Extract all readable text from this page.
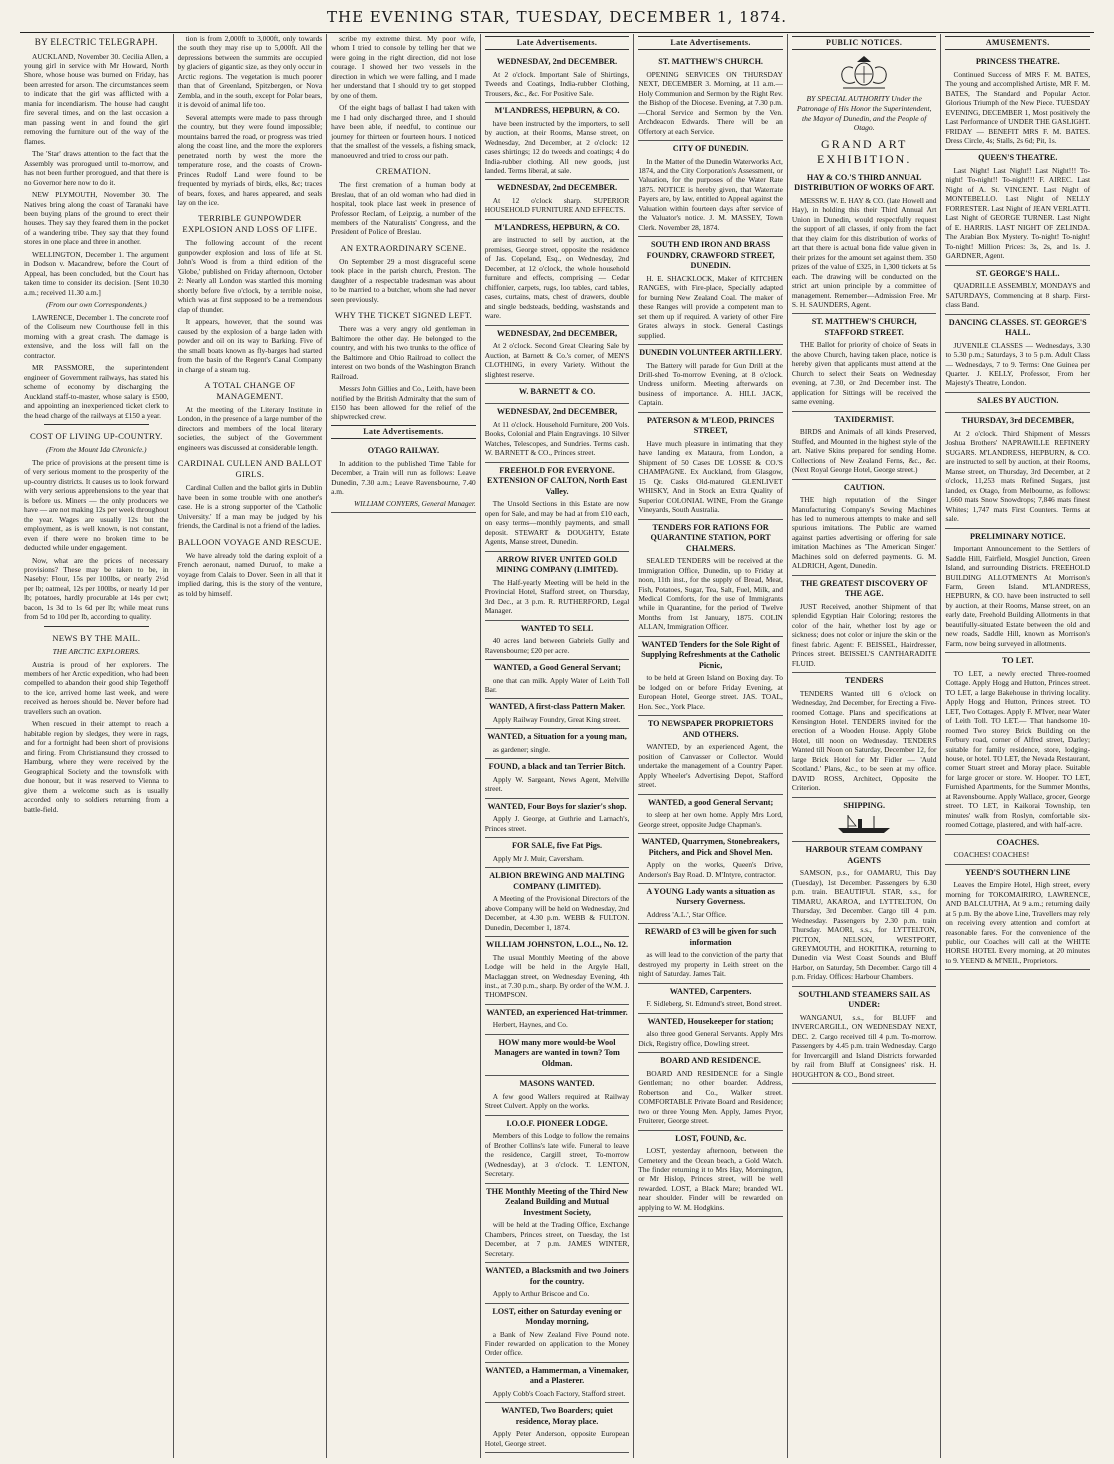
THE EVENING STAR, TUESDAY, DECEMBER 1, 1874.
BY ELECTRIC TELEGRAPH.

AUCKLAND, November 30. Cecilia Allen, a young girl in service with Mr Howard, North Shore, whose house was burned on Friday, has been arrested for arson. The circumstances seem to indicate that the girl was afflicted with a mania for incendiarism. The house had caught fire several times, and on the last occasion a man passing went in and found the girl removing the furniture out of the way of the flames.

The 'Star' draws attention to the fact that the Assembly was prorogued until to-morrow, and has not been further prorogued, and that there is no Governor here now to do it.

NEW PLYMOUTH, November 30. The Natives bring along the coast of Taranaki have been buying plans of the ground to erect their houses. They say they feared them in the pocket of a wandering tribe. They say that they found stores in one place and three in another.

WELLINGTON, December 1. The argument in Dodson v. Macandrew, before the Court of Appeal, has been concluded, but the Court has taken time to consider its decision. [Sent 10.30 a.m.; received 11.30 a.m.]

(From our own Correspondents.)

LAWRENCE, December 1. The concrete roof of the Coliseum new Courthouse fell in this morning with a great crash. The damage is extensive, and the loss will fall on the contractor.

MR PASSMORE, the superintendent engineer of Government railways, has stated his scheme of economy by discharging the Auckland staff-to-master, whose salary is £500, and appointing an inexperienced ticket clerk to the head charge of the railways at £150 a year.

COST OF LIVING UP-COUNTRY.
(From the Mount Ida Chronicle.)

The price of provisions at the present time is of very serious moment to the prosperity of the up-country districts. It causes us to look forward with very serious apprehensions to the year that is before us. Miners — the only producers we have — are not making 12s per week throughout the year. Wages are usually 12s but the employment, as is well known, is not constant, even if there were no broken time to be deducted while under engagement.

Now, what are the prices of necessary provisions? These may be taken to be, in Naseby: Flour, 15s per 100lbs, or nearly 2½d per lb; oatmeal, 12s per 100lbs, or nearly 1d per lb; potatoes, hardly procurable at 14s per cwt; bacon, 1s 3d to 1s 6d per lb; while meat runs from 5d to 10d per lb, according to quality.

NEWS BY THE MAIL.
THE ARCTIC EXPLORERS.

Austria is proud of her explorers. The members of her Arctic expedition, who had been compelled to abandon their good ship Tegethoff to the ice, arrived home last week, and were received as heroes should be. Never before had travellers such an ovation.

When rescued in their attempt to reach a habitable region by sledges, they were in rags, and for a fortnight had been short of provisions and firing. From Christiansund they crossed to Hamburg, where they were received by the Geographical Society and the townsfolk with due honour, but it was reserved to Vienna to give them a welcome such as is usually accorded only to soldiers returning from a battle-field.

tion is from 2,000ft to 3,000ft, only towards the south they may rise up to 5,000ft. All the depressions between the summits are occupied by glaciers of gigantic size, as they only occur in Arctic regions. The vegetation is much poorer than that of Greenland, Spitzbergen, or Nova Zembla, and in the south, except for Polar bears, it is devoid of animal life too.

Several attempts were made to pass through the country, but they were found impossible; mountains barred the road, or progress was tried along the coast line, and the more the explorers penetrated north by west the more the temperature rose, and the coasts of Crown-Princes Rudolf Land were found to be frequented by myriads of birds, elks, &c; traces of bears, foxes, and hares appeared, and seals lay on the ice.

TERRIBLE GUNPOWDER EXPLOSION AND LOSS OF LIFE.

The following account of the recent gunpowder explosion and loss of life at St. John's Wood is from a third edition of the 'Globe,' published on Friday afternoon, October 2: Nearly all London was startled this morning shortly before five o'clock, by a terrible noise, which was at first supposed to be a tremendous clap of thunder.

It appears, however, that the sound was caused by the explosion of a barge laden with powder and oil on its way to Barking. Five of the small boats known as fly-barges had started from the basin of the Regent's Canal Company in charge of a steam tug.

A TOTAL CHANGE OF MANAGEMENT.

At the meeting of the Literary Institute in London, in the presence of a large number of the directors and members of the local literary societies, the subject of the Government engineers was discussed at considerable length.

CARDINAL CULLEN AND BALLOT GIRLS.

Cardinal Cullen and the ballot girls in Dublin have been in some trouble with one another's case. He is a strong supporter of the 'Catholic University.' If a man may be judged by his friends, the Cardinal is not a friend of the ladies.

BALLOON VOYAGE AND RESCUE.

We have already told the daring exploit of a French aeronaut, named Duruof, to make a voyage from Calais to Dover. Seen in all that it implied daring, this is the story of the venture, as told by himself.

scribe my extreme thirst. My poor wife, whom I tried to console by telling her that we were going in the right direction, did not lose courage. I showed her two vessels in the direction in which we were falling, and I made her understand that I should try to get stopped by one of them.

Of the eight bags of ballast I had taken with me I had only discharged three, and I should have been able, if needful, to continue our journey for thirteen or fourteen hours. I noticed that the smallest of the vessels, a fishing smack, manoeuvred and tried to cross our path.

CREMATION.

The first cremation of a human body at Breslau, that of an old woman who had died in hospital, took place last week in presence of Professor Reclam, of Leipzig, a number of the members of the Naturalists' Congress, and the President of Police of Breslau.

AN EXTRAORDINARY SCENE.

On September 29 a most disgraceful scene took place in the parish church, Preston. The daughter of a respectable tradesman was about to be married to a butcher, whom she had never seen previously.

WHY THE TICKET SIGNED LEFT.

There was a very angry old gentleman in Baltimore the other day. He belonged to the country, and with his two trunks to the office of the Baltimore and Ohio Railroad to collect the interest on two bonds of the Washington Branch Railroad.

Messrs John Gillies and Co., Leith, have been notified by the British Admiralty that the sum of £150 has been allowed for the relief of the shipwrecked crew.

Late Advertisements.
OTAGO RAILWAY.

In addition to the published Time Table for December, a Train will run as follows: Leave Dunedin, 7.30 a.m.; Leave Ravensbourne, 7.40 a.m.

WILLIAM CONYERS, General Manager.
Late Advertisements.
WEDNESDAY, 2nd DECEMBER.

At 2 o'clock. Important Sale of Shirtings, Tweeds and Coatings, India-rubber Clothing, Trousers, &c., &c. For Positive Sale.

M'LANDRESS, HEPBURN, & CO.

have been instructed by the importers, to sell by auction, at their Rooms, Manse street, on Wednesday, 2nd December, at 2 o'clock: 12 cases shirtings; 12 do tweeds and coatings; 4 do India-rubber clothing. All new goods, just landed. Terms liberal, at sale.

WEDNESDAY, 2nd DECEMBER.

At 12 o'clock sharp. SUPERIOR HOUSEHOLD FURNITURE AND EFFECTS.

M'LANDRESS, HEPBURN, & CO.

are instructed to sell by auction, at the premises, George street, opposite the residence of Jas. Copeland, Esq., on Wednesday, 2nd December, at 12 o'clock, the whole household furniture and effects, comprising — Cedar chiffonier, carpets, rugs, loo tables, card tables, cases, curtains, mats, chest of drawers, double and single bedsteads, bedding, washstands and ware.

WEDNESDAY, 2nd DECEMBER,

At 2 o'clock. Second Great Clearing Sale by Auction, at Barnett & Co.'s corner, of MEN'S CLOTHING, in every Variety. Without the slightest reserve.

W. BARNETT & CO.
WEDNESDAY, 2nd DECEMBER,

At 11 o'clock. Household Furniture, 200 Vols. Books, Colonial and Plain Engravings. 10 Silver Watches, Telescopes, and Sundries. Terms cash. W. BARNETT & CO., Princes street.

FREEHOLD FOR EVERYONE. EXTENSION OF CALTON, North East Valley.

The Unsold Sections in this Estate are now open for Sale, and may be had at from £10 each, on easy terms—monthly payments, and small deposit. STEWART & DOUGHTY, Estate Agents, Manse street, Dunedin.

ARROW RIVER UNITED GOLD MINING COMPANY (LIMITED).

The Half-yearly Meeting will be held in the Provincial Hotel, Stafford street, on Thursday, 3rd Dec., at 3 p.m. R. RUTHERFORD, Legal Manager.

WANTED TO SELL

40 acres land between Gabriels Gully and Ravensbourne; £20 per acre.

WANTED, a Good General Servant;

one that can milk. Apply Water of Leith Toll Bar.

WANTED, A first-class Pattern Maker.

Apply Railway Foundry, Great King street.

WANTED, a Situation for a young man,

as gardener; single.

FOUND, a black and tan Terrier Bitch.

Apply W. Sargeant, News Agent, Melville street.

WANTED, Four Boys for slazier's shop.

Apply J. George, at Guthrie and Larnach's, Princes street.

FOR SALE, five Fat Pigs.

Apply Mr J. Muir, Caversham.

ALBION BREWING AND MALTING COMPANY (LIMITED).

A Meeting of the Provisional Directors of the above Company will be held on Wednesday, 2nd December, at 4.30 p.m. WEBB & FULTON. Dunedin, December 1, 1874.

WILLIAM JOHNSTON, L.O.L., No. 12.

The usual Monthly Meeting of the above Lodge will be held in the Argyle Hall, Maclaggan street, on Wednesday Evening, 4th inst., at 7.30 p.m., sharp. By order of the W.M. J. THOMPSON.

WANTED, an experienced Hat-trimmer.

Herbert, Haynes, and Co.

HOW many more would-be Wool Managers are wanted in town? Tom Oldman.
MASONS WANTED.

A few good Wallers required at Railway Street Culvert. Apply on the works.

I.O.O.F. PIONEER LODGE.

Members of this Lodge to follow the remains of Brother Collins's late wife. Funeral to leave the residence, Cargill street, To-morrow (Wednesday), at 3 o'clock. T. LENTON, Secretary.

THE Monthly Meeting of the Third New Zealand Building and Mutual Investment Society,

will be held at the Trading Office, Exchange Chambers, Princes street, on Tuesday, the 1st December, at 7 p.m. JAMES WINTER, Secretary.

WANTED, a Blacksmith and two Joiners for the country.

Apply to Arthur Briscoe and Co.

LOST, either on Saturday evening or Monday morning,

a Bank of New Zealand Five Pound note. Finder rewarded on application to the Money Order office.

WANTED, a Hammerman, a Vinemaker, and a Plasterer.

Apply Cobb's Coach Factory, Stafford street.

WANTED, Two Boarders; quiet residence, Moray place.

Apply Peter Anderson, opposite European Hotel, George street.

Late Advertisements.
ST. MATTHEW'S CHURCH.

OPENING SERVICES ON THURSDAY NEXT, DECEMBER 3. Morning, at 11 a.m.—Holy Communion and Sermon by the Right Rev. the Bishop of the Diocese. Evening, at 7.30 p.m.—Choral Service and Sermon by the Ven. Archdeacon Edwards. There will be an Offertory at each Service.

CITY OF DUNEDIN.

In the Matter of the Dunedin Waterworks Act, 1874, and the City Corporation's Assessment, or Valuation, for the purposes of the Water Rate 1875. NOTICE is hereby given, that Waterrate Payers are, by law, entitled to Appeal against the Valuation within fourteen days after service of the Valuator's notice. J. M. MASSEY, Town Clerk. November 28, 1874.

SOUTH END IRON AND BRASS FOUNDRY, CRAWFORD STREET, DUNEDIN.

H. E. SHACKLOCK, Maker of KITCHEN RANGES, with Fire-place, Specially adapted for burning New Zealand Coal. The maker of these Ranges will provide a competent man to set them up if required. A variety of other Fire Grates always in stock. General Castings supplied.

DUNEDIN VOLUNTEER ARTILLERY.

The Battery will parade for Gun Drill at the Drill-shed To-morrow Evening, at 8 o'clock. Undress uniform. Meeting afterwards on business of importance. A. HILL JACK, Captain.

PATERSON & M'LEOD, PRINCES STREET,

Have much pleasure in intimating that they have landing ex Mataura, from London, a Shipment of 50 Cases DE LOSSE & CO.'S CHAMPAGNE. Ex Auckland, from Glasgow, 15 Qr. Casks Old-matured GLENLIVET WHISKY, And in Stock an Extra Quality of Superior COLONIAL WINE, From the Grange Vineyards, South Australia.

TENDERS FOR RATIONS FOR QUARANTINE STATION, PORT CHALMERS.

SEALED TENDERS will be received at the Immigration Office, Dunedin, up to Friday at noon, 11th inst., for the supply of Bread, Meat, Fish, Potatoes, Sugar, Tea, Salt, Fuel, Milk, and Medical Comforts, for the use of Immigrants while in Quarantine, for the period of Twelve Months from 1st January, 1875. COLIN ALLAN, Immigration Officer.

WANTED Tenders for the Sole Right of Supplying Refreshments at the Catholic Picnic,

to be held at Green Island on Boxing day. To be lodged on or before Friday Evening, at European Hotel, George street. JAS. TOAL, Hon. Sec., York Place.

TO NEWSPAPER PROPRIETORS AND OTHERS.

WANTED, by an experienced Agent, the position of Canvasser or Collector. Would undertake the management of a Country Paper. Apply Wheeler's Advertising Depot, Stafford street.

WANTED, a good General Servant;

to sleep at her own home. Apply Mrs Lord, George street, opposite Judge Chapman's.

WANTED, Quarrymen, Stonebreakers, Pitchers, and Pick and Shovel Men.

Apply on the works, Queen's Drive, Anderson's Bay Road. D. M'Intyre, contractor.

A YOUNG Lady wants a situation as Nursery Governess.

Address 'A.L.', Star Office.

REWARD of £3 will be given for such information

as will lead to the conviction of the party that destroyed my property in Leith street on the night of Saturday. James Tait.

WANTED, Carpenters.

F. Sidleberg, St. Edmund's street, Bond street.

WANTED, Housekeeper for station;

also three good General Servants. Apply Mrs Dick, Registry office, Dowling street.

BOARD AND RESIDENCE.

BOARD AND RESIDENCE for a Single Gentleman; no other boarder. Address, Robertson and Co., Walker street. COMFORTABLE Private Board and Residence; two or three Young Men. Apply, James Pryor, Fruiterer, George street.

LOST, FOUND, &c.

LOST, yesterday afternoon, between the Cemetery and the Ocean beach, a Gold Watch. The finder returning it to Mrs Hay, Mornington, or Mr Hislop, Princes street, will be well rewarded. LOST, a Black Mare; branded WL near shoulder. Finder will be rewarded on applying to W. M. Hodgkins.

PUBLIC NOTICES.
BY SPECIAL AUTHORITY Under the Patronage of His Honor the Superintendent, the Mayor of Dunedin, and the People of Otago.
GRAND ART EXHIBITION.
HAY & CO.'S THIRD ANNUAL DISTRIBUTION OF WORKS OF ART.

MESSRS W. E. HAY & CO. (late Howell and Hay), in holding this their Third Annual Art Union in Dunedin, would respectfully request the support of all classes, if only from the fact that they claim for this distribution of works of art that there is actual bona fide value given in their prizes for the amount set against them. 350 prizes of the value of £325, in 1,300 tickets at 5s each. The drawing will be conducted on the strict art union principle by a committee of management. Remember—Admission Free. Mr S. H. SAUNDERS, Agent.

ST. MATTHEW'S CHURCH, STAFFORD STREET.

THE Ballot for priority of choice of Seats in the above Church, having taken place, notice is hereby given that applicants must attend at the Church to select their Seats on Wednesday evening, at 7.30, or 2nd December inst. The application for Sittings will be received the same evening.

TAXIDERMIST.

BIRDS and Animals of all kinds Preserved, Stuffed, and Mounted in the highest style of the art. Native Skins prepared for sending Home. Collections of New Zealand Ferns, &c., &c. (Next Royal George Hotel, George street.)

CAUTION.

THE high reputation of the Singer Manufacturing Company's Sewing Machines has led to numerous attempts to make and sell spurious imitations. The Public are warned against parties advertising or offering for sale imitation Machines as 'The American Singer.' Machines sold on deferred payments. G. M. ALDRICH, Agent, Dunedin.

THE GREATEST DISCOVERY OF THE AGE.

JUST Received, another Shipment of that splendid Egyptian Hair Coloring; restores the color of the hair, whether lost by age or sickness; does not color or injure the skin or the finest fabric. Agent: F. BEISSEL, Hairdresser, Princes street. BEISSEL'S CANTHARADITE FLUID.

TENDERS

TENDERS Wanted till 6 o'clock on Wednesday, 2nd December, for Erecting a Five-roomed Cottage. Plans and specifications at Kensington Hotel. TENDERS invited for the erection of a Wooden House. Apply Globe Hotel, till noon on Wednesday. TENDERS Wanted till Noon on Saturday, December 12, for large Brick Hotel for Mr Fidler — 'Auld Scotland.' Plans, &c., to be seen at my office. DAVID ROSS, Architect, Opposite the Criterion.

SHIPPING.
HARBOUR STEAM COMPANY AGENTS

SAMSON, p.s., for OAMARU, This Day (Tuesday), 1st December. Passengers by 6.30 p.m. train. BEAUTIFUL STAR, s.s., for TIMARU, AKAROA, and LYTTELTON, On Thursday, 3rd December. Cargo till 4 p.m. Wednesday. Passengers by 2.30 p.m. train Thursday. MAORI, s.s., for LYTTELTON, PICTON, NELSON, WESTPORT, GREYMOUTH, and HOKITIKA, returning to Dunedin via West Coast Sounds and Bluff Harbor, on Saturday, 5th December. Cargo till 4 p.m. Friday. Offices: Harbour Chambers.

SOUTHLAND STEAMERS SAIL AS UNDER:

WANGANUI, s.s., for BLUFF and INVERCARGILL, ON WEDNESDAY NEXT, DEC. 2. Cargo received till 4 p.m. To-morrow. Passengers by 4.45 p.m. train Wednesday. Cargo for Invercargill and Island Districts forwarded by rail from Bluff at Consignees' risk. H. HOUGHTON & CO., Bond street.

AMUSEMENTS.
PRINCESS THEATRE.

Continued Success of MRS F. M. BATES, The young and accomplished Artiste, MR F. M. BATES, The Standard and Popular Actor. Glorious Triumph of the New Piece. TUESDAY EVENING, DECEMBER 1, Most positively the Last Performance of UNDER THE GASLIGHT. FRIDAY — BENEFIT MRS F. M. BATES. Dress Circle, 4s; Stalls, 2s 6d; Pit, 1s.

QUEEN'S THEATRE.

Last Night! Last Night!! Last Night!!! To-night! To-night!! To-night!!! F. AIREC. Last Night of A. St. VINCENT. Last Night of MONTEBELLO. Last Night of NELLY FORRESTER. Last Night of JEAN VERLATTI. Last Night of GEORGE TURNER. Last Night of E. HARRIS. LAST NIGHT OF ZELINDA. The Arabian Box Mystery. To-night! To-night! To-night! Million Prices: 3s, 2s, and 1s. J. GARDNER, Agent.

ST. GEORGE'S HALL.

QUADRILLE ASSEMBLY, MONDAYS and SATURDAYS, Commencing at 8 sharp. First-class Band.

DANCING CLASSES. ST. GEORGE'S HALL.

JUVENILE CLASSES — Wednesdays, 3.30 to 5.30 p.m.; Saturdays, 3 to 5 p.m. Adult Class — Wednesdays, 7 to 9. Terms: One Guinea per Quarter. J. KELLY, Professor, From her Majesty's Theatre, London.

SALES BY AUCTION.
THURSDAY, 3rd DECEMBER,

At 2 o'clock. Third Shipment of Messrs Joshua Brothers' NAPRAWILLE REFINERY SUGARS. M'LANDRESS, HEPBURN, & CO. are instructed to sell by auction, at their Rooms, Manse street, on Thursday, 3rd December, at 2 o'clock, 11,253 mats Refined Sugars, just landed, ex Otago, from Melbourne, as follows: 1,660 mats Snow Snowdrops; 7,846 mats finest Whites; 1,747 mats First Counters. Terms at sale.

PRELIMINARY NOTICE.

Important Announcement to the Settlers of Saddle Hill, Fairfield, Mosgiel Junction, Green Island, and surrounding Districts. FREEHOLD BUILDING ALLOTMENTS At Morrison's Farm, Green Island. M'LANDRESS, HEPBURN, & CO. have been instructed to sell by auction, at their Rooms, Manse street, on an early date, Freehold Building Allotments in that beautifully-situated Estate between the old and new roads, Saddle Hill, known as Morrison's Farm, now being surveyed in allotments.

TO LET.

TO LET, a newly erected Three-roomed Cottage. Apply Hogg and Hutton, Princes street. TO LET, a large Bakehouse in thriving locality. Apply Hogg and Hutton, Princes street. TO LET, Two Cottages. Apply F. M'Iver, near Water of Leith Toll. TO LET.— That handsome 10-roomed Two storey Brick Building on the Forbury road, corner of Alfred street, Darley; suitable for family residence, store, lodging-house, or hotel. TO LET, the Nevada Restaurant, corner Stuart street and Moray place. Suitable for large grocer or store. W. Hooper. TO LET, Furnished Apartments, for the Summer Months, at Ravensbourne. Apply Wallace, grocer, George street. TO LET, in Kaikorai Township, ten minutes' walk from Roslyn, comfortable six-roomed Cottage, plastered, and with half-acre.

COACHES.

COACHES! COACHES!

YEEND'S SOUTHERN LINE

Leaves the Empire Hotel, High street, every morning for TOKOMAIRIRO, LAWRENCE, AND BALCLUTHA, At 9 a.m.; returning daily at 5 p.m. By the above Line, Travellers may rely on receiving every attention and comfort at reasonable fares. For the convenience of the public, our Coaches will call at the WHITE HORSE HOTEL Every morning, at 20 minutes to 9. YEEND & M'NEIL, Proprietors.
